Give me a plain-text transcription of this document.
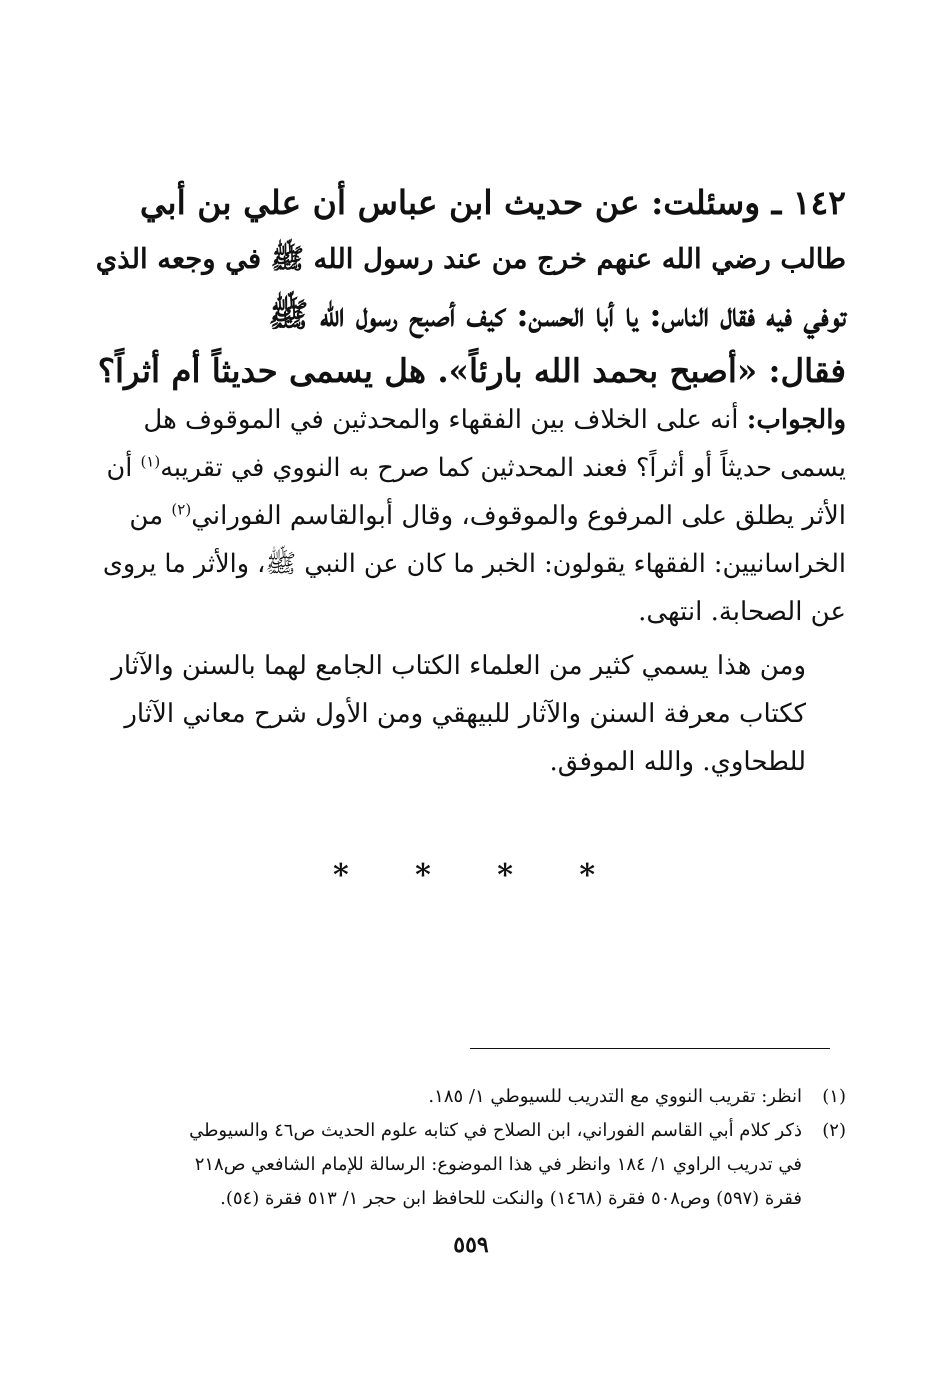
١٤٢ ـ وسئلت: عن حديث ابن عباس أن علي بن أبي
طالب رضي الله عنهم خرج من عند رسول الله ﷺ في وجعه الذي
توفي فيه فقال الناس: يا أبا الحسن: كيف أصبح رسول الله ﷺ
فقال: «أصبح بحمد الله بارئاً». هل يسمى حديثاً أم أثراً؟
والجواب: أنه على الخلاف بين الفقهاء والمحدثين في الموقوف هل
يسمى حديثاً أو أثراً؟ فعند المحدثين كما صرح به النووي في تقريبه$^{(١)}$ أن
الأثر يطلق على المرفوع والموقوف، وقال أبوالقاسم الفوراني$^{(٢)}$ من
الخراسانيين: الفقهاء يقولون: الخبر ما كان عن النبي ﷺ، والأثر ما يروى
عن الصحابة. انتهى.
ومن هذا يسمي كثير من العلماء الكتاب الجامع لهما بالسنن والآثار
ككتاب معرفة السنن والآثار للبيهقي ومن الأول شرح معاني الآثار
للطحاوي. والله الموفق.
* * * *
(١)
انظر: تقريب النووي مع التدريب للسيوطي ١/ ١٨٥.
(٢)
ذكر كلام أبي القاسم الفوراني، ابن الصلاح في كتابه علوم الحديث ص٤٦ والسيوطي
في تدريب الراوي ١/ ١٨٤ وانظر في هذا الموضوع: الرسالة للإمام الشافعي ص٢١٨
فقرة (٥٩٧) وص٥٠٨ فقرة (١٤٦٨) والنكت للحافظ ابن حجر ١/ ٥١٣ فقرة (٥٤).
٥٥٩
